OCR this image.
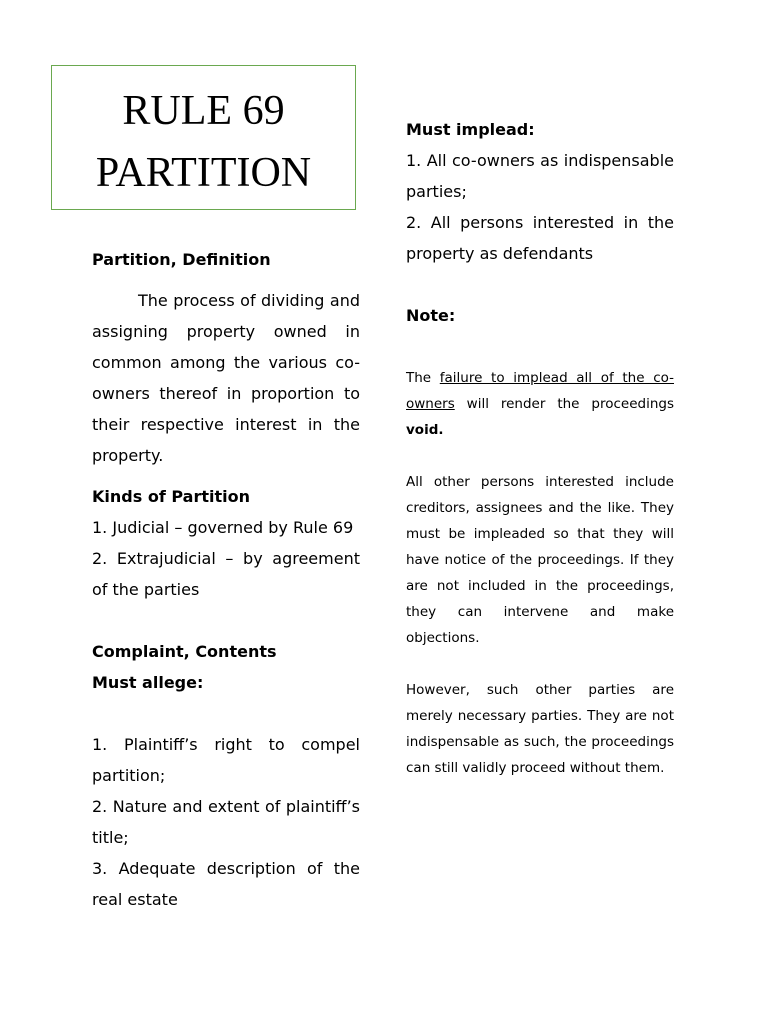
RULE 69
PARTITION

Partition, Definition

The process of dividing and assigning property owned in common among the various co-owners thereof in proportion to their respective interest in the property.

Kinds of Partition

1. Judicial – governed by Rule 69

2. Extrajudicial – by agreement of the parties

Complaint, Contents

Must allege:

1. Plaintiff’s right to compel partition;

2. Nature and extent of plaintiff’s title;

3. Adequate description of the real estate

Must implead:

1. All co-owners as indispensable parties;

2. All persons interested in the property as defendants

Note:

The failure to implead all of the co-owners will render the proceedings void.

All other persons interested include creditors, assignees and the like. They must be impleaded so that they will have notice of the proceedings. If they are not included in the proceedings, they can intervene and make objections.

However, such other parties are merely necessary parties. They are not indispensable as such, the proceedings can still validly proceed without them.
